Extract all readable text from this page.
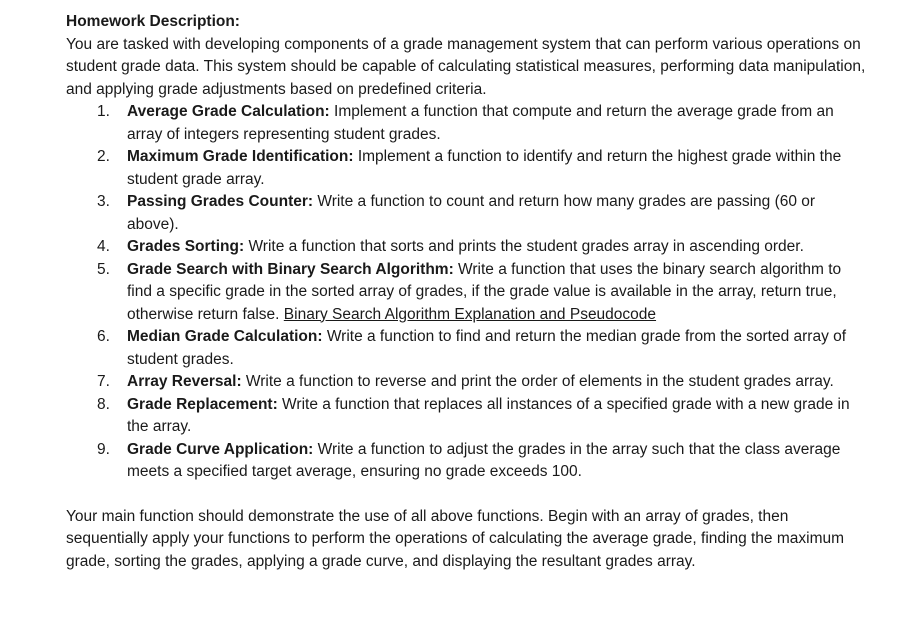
Homework Description:

You are tasked with developing components of a grade management system that can perform various operations on student grade data. This system should be capable of calculating statistical measures, performing data manipulation, and applying grade adjustments based on predefined criteria.

1.	Average Grade Calculation: Implement a function that compute and return the average grade from an array of integers representing student grades.
2.	Maximum Grade Identification: Implement a function to identify and return the highest grade within the student grade array.
3.	Passing Grades Counter: Write a function to count and return how many grades are passing (60 or above).
4.	Grades Sorting: Write a function that sorts and prints the student grades array in ascending order.
5.	Grade Search with Binary Search Algorithm: Write a function that uses the binary search algorithm to find a specific grade in the sorted array of grades, if the grade value is available in the array, return true, otherwise return false. Binary Search Algorithm Explanation and Pseudocode
6.	Median Grade Calculation: Write a function to find and return the median grade from the sorted array of student grades.
7.	Array Reversal: Write a function to reverse and print the order of elements in the student grades array.
8.	Grade Replacement: Write a function that replaces all instances of a specified grade with a new grade in the array.
9.	Grade Curve Application: Write a function to adjust the grades in the array such that the class average meets a specified target average, ensuring no grade exceeds 100.

Your main function should demonstrate the use of all above functions. Begin with an array of grades, then sequentially apply your functions to perform the operations of calculating the average grade, finding the maximum grade, sorting the grades, applying a grade curve, and displaying the resultant grades array.
